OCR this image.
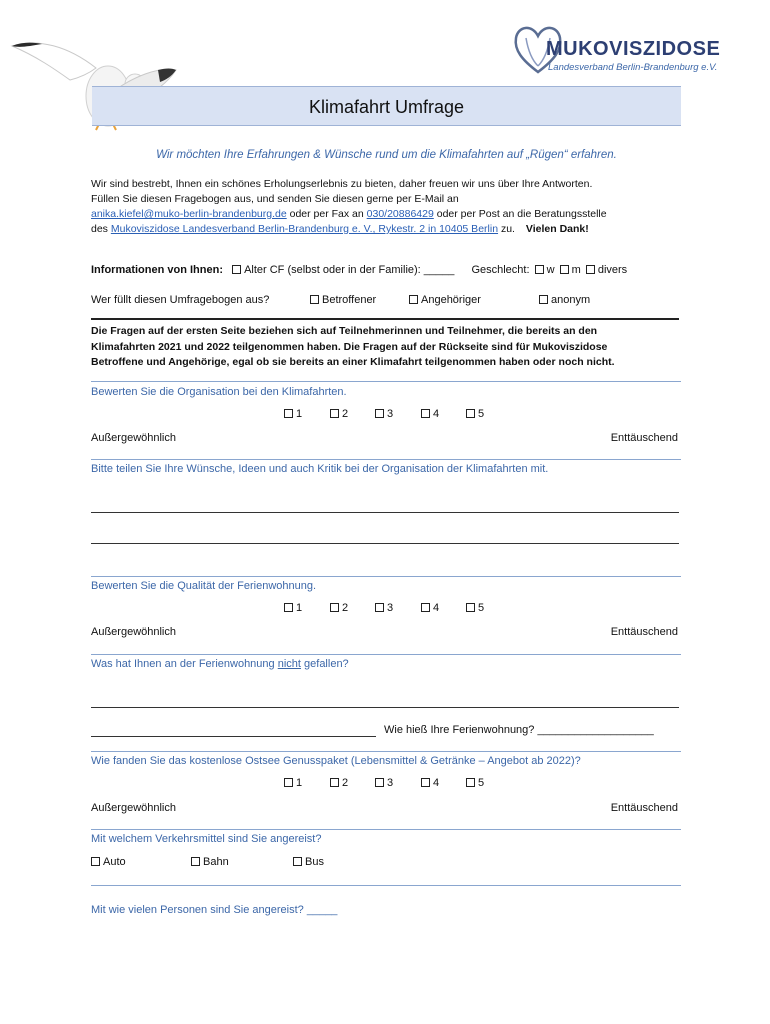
MUKOVISZIDOSE
Landesverband Berlin-Brandenburg e.V.
Klimafahrt Umfrage
Wir möchten Ihre Erfahrungen & Wünsche rund um die Klimafahrten auf „Rügen“ erfahren.
Wir sind bestrebt, Ihnen ein schönes Erholungserlebnis zu bieten, daher freuen wir uns über Ihre Antworten.
Füllen Sie diesen Fragebogen aus, und senden Sie diesen gerne per E-Mail an
anika.kiefel@muko-berlin-brandenburg.de oder per Fax an 030/20886429 oder per Post an die Beratungsstelle
des Mukoviszidose Landesverband Berlin-Brandenburg e. V., Rykestr. 2 in 10405 Berlin zu. Vielen Dank!
Informationen von Ihnen: Alter CF (selbst oder in der Familie): _____ Geschlecht: w m divers
Wer füllt diesen Umfragebogen aus?	Betroffener	Angehöriger	anonym
Die Fragen auf der ersten Seite beziehen sich auf Teilnehmerinnen und Teilnehmer, die bereits an den
Klimafahrten 2021 und 2022 teilgenommen haben. Die Fragen auf der Rückseite sind für Mukoviszidose
Betroffene und Angehörige, egal ob sie bereits an einer Klimafahrt teilgenommen haben oder noch nicht.
Bewerten Sie die Organisation bei den Klimafahrten.
1	2	3	4	5
Außergewöhnlich	Enttäuschend
Bitte teilen Sie Ihre Wünsche, Ideen und auch Kritik bei der Organisation der Klimafahrten mit.
Bewerten Sie die Qualität der Ferienwohnung.
1	2	3	4	5
Außergewöhnlich	Enttäuschend
Was hat Ihnen an der Ferienwohnung nicht gefallen?
Wie hieß Ihre Ferienwohnung? ___________________
Wie fanden Sie das kostenlose Ostsee Genusspaket (Lebensmittel & Getränke – Angebot ab 2022)?
1	2	3	4	5
Außergewöhnlich	Enttäuschend
Mit welchem Verkehrsmittel sind Sie angereist?
Auto	Bahn	Bus
Mit wie vielen Personen sind Sie angereist? _____
